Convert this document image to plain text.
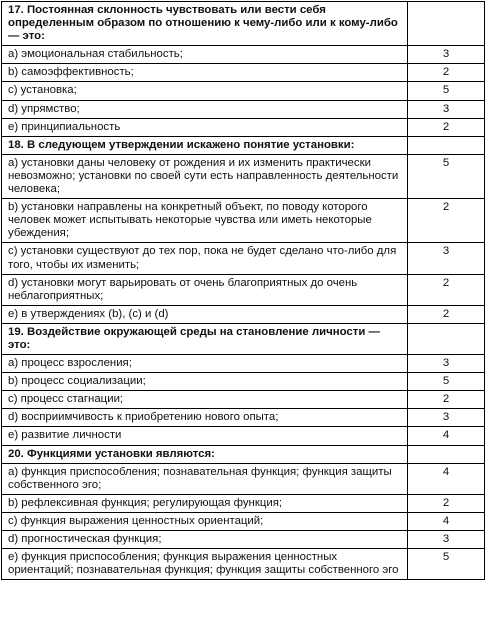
17. Постоянная склонность чувствовать или вести себя определенным образом по отношению к чему-либо или к кому-либо — это:	
a) эмоциональная стабильность;	3
b) самоэффективность;	2
c) установка;	5
d) упрямство;	3
e) принципиальность	2
18. В следующем утверждении искажено понятие установки:	
a) установки даны человеку от рождения и их изменить практически невозможно; установки по своей сути есть направленность деятельности человека;	5
b) установки направлены на конкретный объект, по поводу которого человек может испытывать некоторые чувства или иметь некоторые убеждения;	2
c) установки существуют до тех пор, пока не будет сделано что-либо для того, чтобы их изменить;	3
d) установки могут варьировать от очень благоприятных до очень неблагоприятных;	2
e) в утверждениях (b), (c) и (d)	2
19. Воздействие окружающей среды на становление личности — это:	
a) процесс взросления;	3
b) процесс социализации;	5
c) процесс стагнации;	2
d) восприимчивость к приобретению нового опыта;	3
e) развитие личности	4
20. Функциями установки являются:	
a) функция приспособления; познавательная функция; функция защиты собственного эго;	4
b) рефлексивная функция; регулирующая функция;	2
c) функция выражения ценностных ориентаций;	4
d) прогностическая функция;	3
e) функция приспособления; функция выражения ценностных ориентаций; познавательная функция; функция защиты собственного эго	5
